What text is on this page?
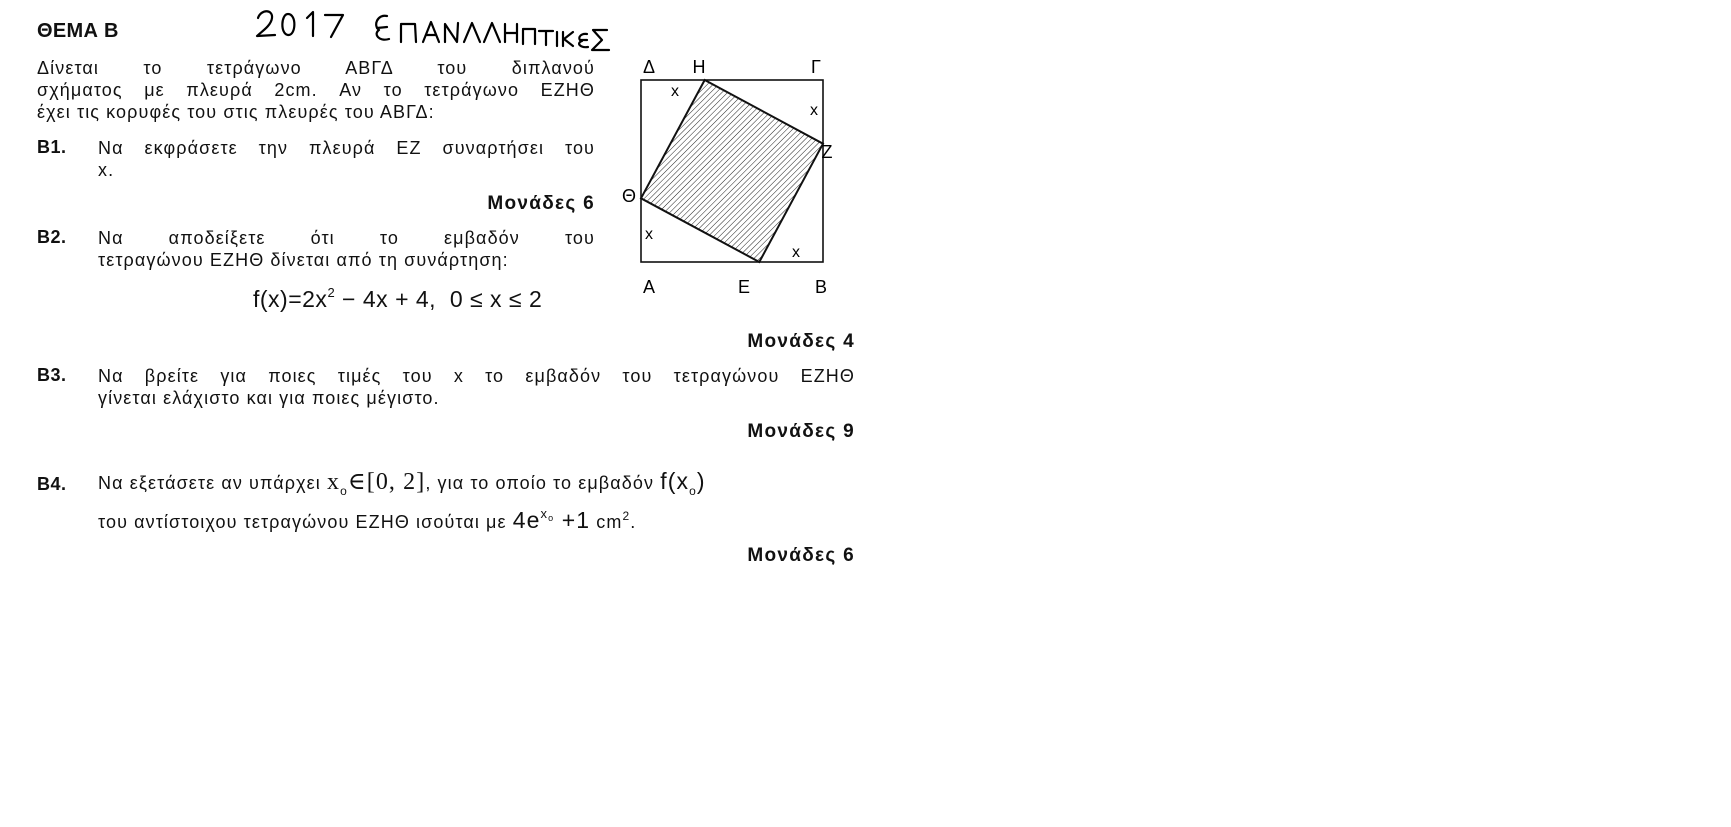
ΘΕΜΑ Β
Δίνεται το τετράγωνο ΑΒΓΔ του διπλανού
σχήματος με πλευρά 2cm. Αν το τετράγωνο ΕΖΗΘ
έχει τις κορυφές του στις πλευρές του ΑΒΓΔ:
Β1. Να εκφράσετε την πλευρά ΕΖ συναρτήσει του
x.
Μονάδες 6
Β2. Να αποδείξετε ότι το εμβαδόν του
τετραγώνου ΕΖΗΘ δίνεται από τη συνάρτηση:
$f(x)=2x^2 - 4x + 4$,  0 ≤ x ≤ 2
Δ Η	Γ
Ζ
Θ
Α	Ε	Β
x
x
x
x
Μονάδες 4
Β3. Να βρείτε για ποιες τιμές του x το εμβαδόν του τετραγώνου ΕΖΗΘ
γίνεται ελάχιστο και για ποιες μέγιστο.
Μονάδες 9
Β4. Να εξετάσετε αν υπάρχει $x_o\in[0$, 2], για το οποίο το εμβαδόν $f(x_o)$
του αντίστοιχου τετραγώνου ΕΖΗΘ ισούται με $4e^{xo} +1$ $cm^2$.
Μονάδες 6
